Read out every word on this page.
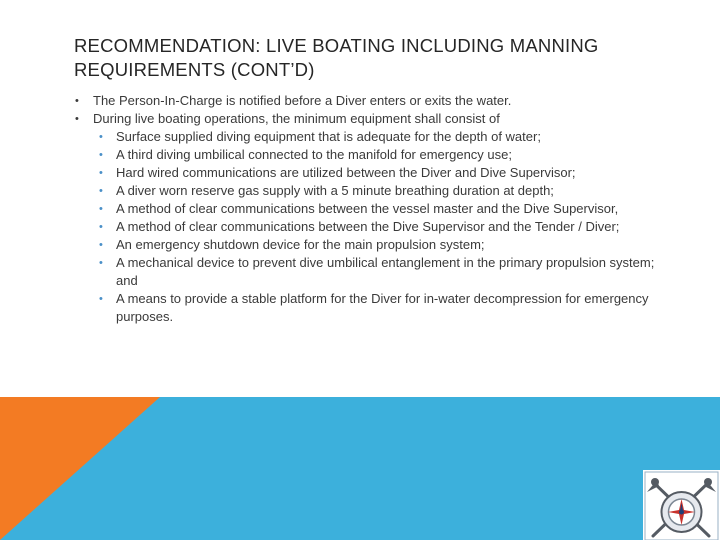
RECOMMENDATION: LIVE BOATING INCLUDING MANNING
REQUIREMENTS (CONT’D)
• The Person-In-Charge is notified before a Diver enters or exits the water.
• During live boating operations, the minimum equipment shall consist of
• Surface supplied diving equipment that is adequate for the depth of water;
• A third diving umbilical connected to the manifold for emergency use;
• Hard wired communications are utilized between the Diver and Dive Supervisor;
• A diver worn reserve gas supply with a 5 minute breathing duration at depth;
• A method of clear communications between the vessel master and the Dive Supervisor,
• A method of clear communications between the Dive Supervisor and the Tender / Diver;
• An emergency shutdown device for the main propulsion system;
• A mechanical device to prevent dive umbilical entanglement in the primary propulsion system; and
• A means to provide a stable platform for the Diver for in-water decompression for emergency purposes.
